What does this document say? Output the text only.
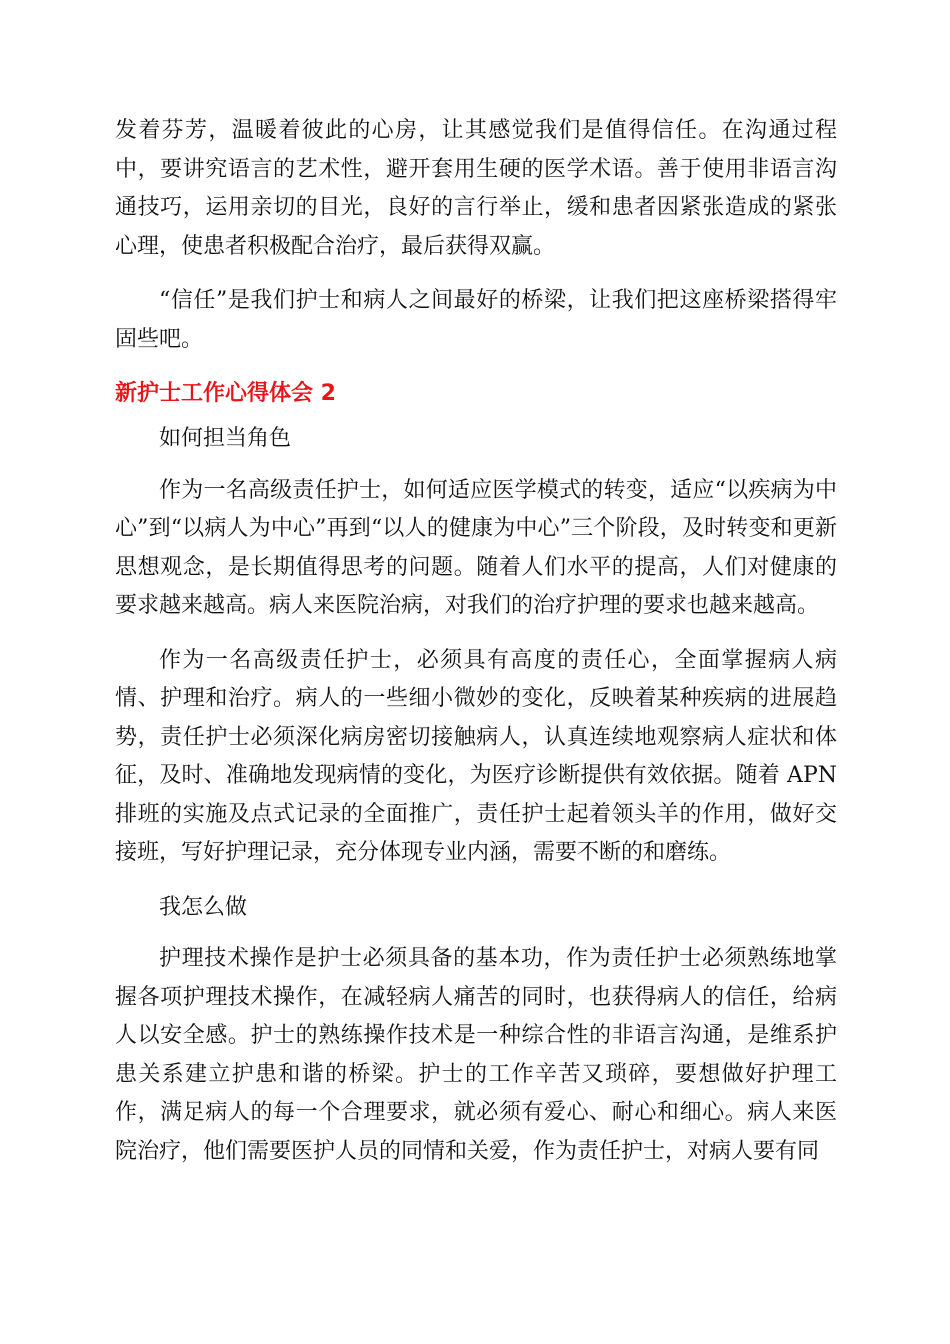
发着芬芳，温暖着彼此的心房，让其感觉我们是值得信任。在沟通过程中，要讲究语言的艺术性，避开套用生硬的医学术语。善于使用非语言沟通技巧，运用亲切的目光，良好的言行举止，缓和患者因紧张造成的紧张心理，使患者积极配合治疗，最后获得双赢。

“信任”是我们护士和病人之间最好的桥梁，让我们把这座桥梁搭得牢固些吧。

新护士工作心得体会 2

如何担当角色

作为一名高级责任护士，如何适应医学模式的转变，适应“以疾病为中心”到“以病人为中心”再到“以人的健康为中心”三个阶段，及时转变和更新思想观念，是长期值得思考的问题。随着人们水平的提高，人们对健康的要求越来越高。病人来医院治病，对我们的治疗护理的要求也越来越高。

作为一名高级责任护士，必须具有高度的责任心，全面掌握病人病情、护理和治疗。病人的一些细小微妙的变化，反映着某种疾病的进展趋势，责任护士必须深化病房密切接触病人，认真连续地观察病人症状和体征，及时、准确地发现病情的变化，为医疗诊断提供有效依据。随着 APN 排班的实施及点式记录的全面推广，责任护士起着领头羊的作用，做好交接班，写好护理记录，充分体现专业内涵，需要不断的和磨练。

我怎么做

护理技术操作是护士必须具备的基本功，作为责任护士必须熟练地掌握各项护理技术操作，在减轻病人痛苦的同时，也获得病人的信任，给病人以安全感。护士的熟练操作技术是一种综合性的非语言沟通，是维系护患关系建立护患和谐的桥梁。护士的工作辛苦又琐碎，要想做好护理工作，满足病人的每一个合理要求，就必须有爱心、耐心和细心。病人来医院治疗，他们需要医护人员的同情和关爱，作为责任护士，对病人要有同
